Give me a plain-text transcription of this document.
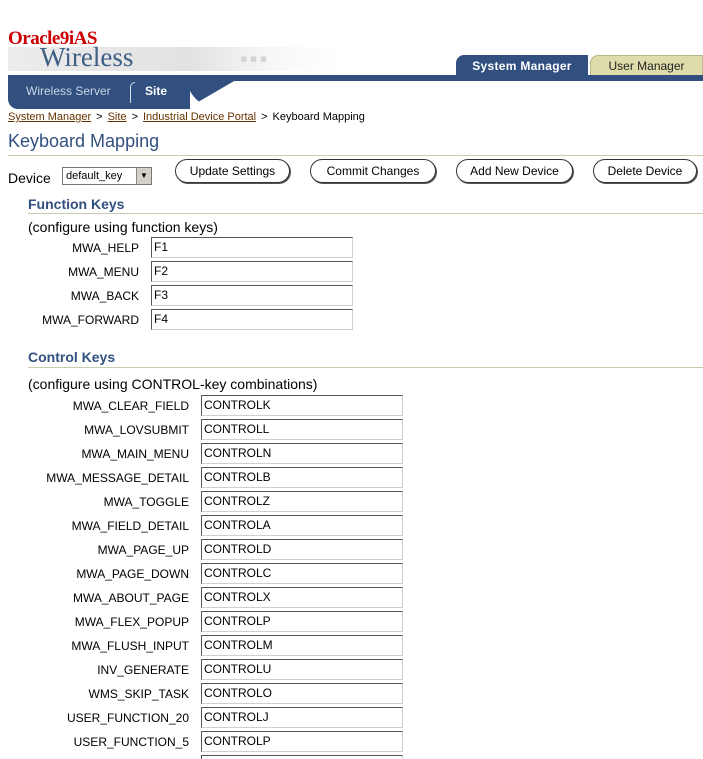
▪︎▪︎▪︎
Oracle9iAS
Wireless	System Manager	User Manager
Wireless Server	Site
System Manager > Site > Industrial Device Portal > Keyboard Mapping
Keyboard Mapping
Device	default_key	▼	Update Settings	Commit Changes	Add New Device	Delete Device
Function Keys
(configure using function keys)
MWA_HELP F1
MWA_MENU F2
MWA_BACK F3
MWA_FORWARD F4
Control Keys
(configure using CONTROL-key combinations)
MWA_CLEAR_FIELD CONTROLK
MWA_LOVSUBMIT CONTROLL
MWA_MAIN_MENU CONTROLN
MWA_MESSAGE_DETAIL CONTROLB
MWA_TOGGLE CONTROLZ
MWA_FIELD_DETAIL CONTROLA
MWA_PAGE_UP CONTROLD
MWA_PAGE_DOWN CONTROLC
MWA_ABOUT_PAGE CONTROLX
MWA_FLEX_POPUP CONTROLP
MWA_FLUSH_INPUT CONTROLM
INV_GENERATE CONTROLU
WMS_SKIP_TASK CONTROLO
USER_FUNCTION_20 CONTROLJ
USER_FUNCTION_5 CONTROLP
